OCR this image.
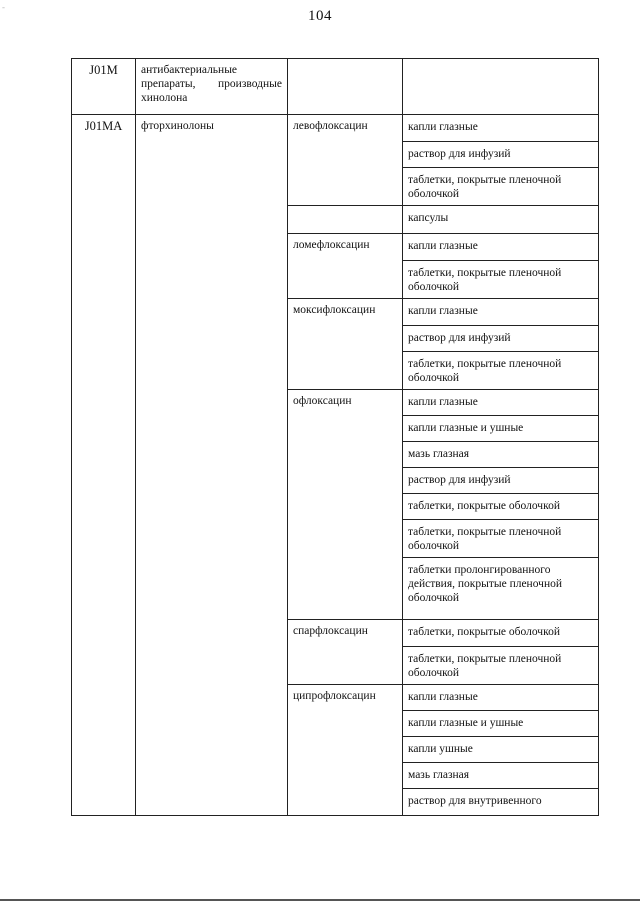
-
104
J01M	антибактериальные препараты, производные хинолона		

J01MA	фторхинолоны	левофлоксацин	капли глазные

			раствор для инфузий

			таблетки, покрытые пленочной оболочкой

			капсулы

		ломефлоксацин	капли глазные

			таблетки, покрытые пленочной оболочкой

		моксифлоксацин	капли глазные

			раствор для инфузий

			таблетки, покрытые пленочной оболочкой

		офлоксацин	капли глазные

			капли глазные и ушные

			мазь глазная

			раствор для инфузий

			таблетки, покрытые оболочкой

			таблетки, покрытые пленочной оболочкой

			таблетки пролонгированного действия, покрытые пленочной оболочкой

		спарфлоксацин	таблетки, покрытые оболочкой

			таблетки, покрытые пленочной оболочкой

		ципрофлоксацин	капли глазные

			капли глазные и ушные

			капли ушные

			мазь глазная

			раствор для внутривенного
